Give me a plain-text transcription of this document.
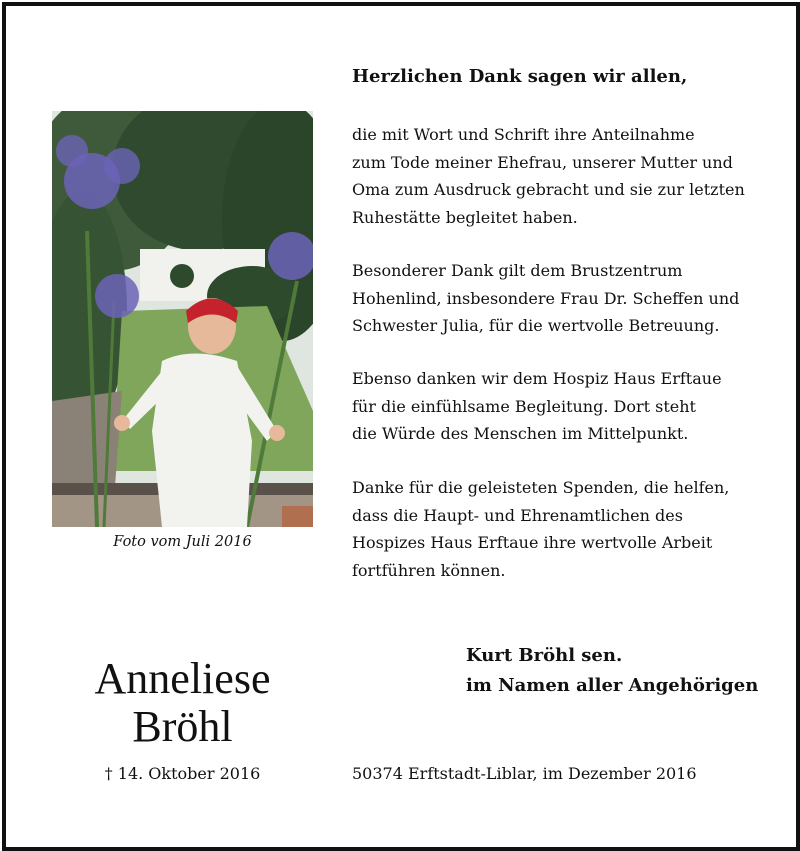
Foto vom Juli 2016
Herzlichen Dank sagen wir allen,
die mit Wort und Schrift ihre Anteilnahme
zum Tode meiner Ehefrau, unserer Mutter und
Oma zum Ausdruck gebracht und sie zur letzten
Ruhestätte begleitet haben.
Besonderer Dank gilt dem Brustzentrum
Hohenlind, insbesondere Frau Dr. Scheffen und
Schwester Julia, für die wertvolle Betreuung.
Ebenso danken wir dem Hospiz Haus Erftaue
für die einfühlsame Begleitung. Dort steht
die Würde des Menschen im Mittelpunkt.
Danke für die geleisteten Spenden, die helfen,
dass die Haupt- und Ehrenamtlichen des
Hospizes Haus Erftaue ihre wertvolle Arbeit
fortführen können.
Kurt Bröhl sen.
im Namen aller Angehörigen
Anneliese
Bröhl
† 14. Oktober 2016	50374 Erftstadt-Liblar, im Dezember 2016
